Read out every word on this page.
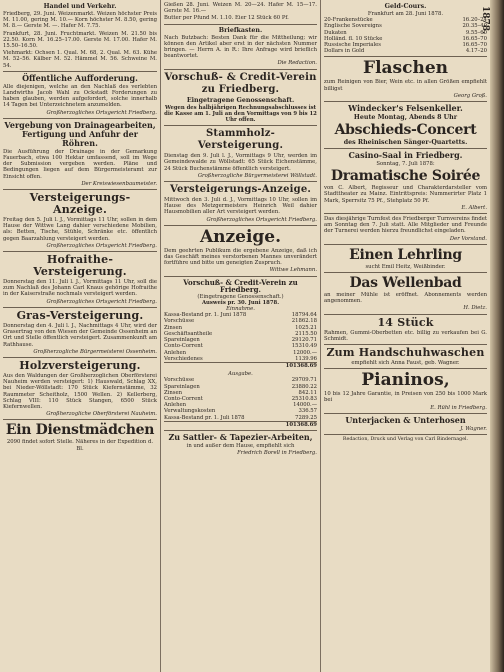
Handel und Verkehr.
Friedberg, 29. Juni. Weizenmarkt. Weizen höchster Preis M. 11.00, gering M. 10.— Korn höchster M. 8.50, gering M. 8.— Gerste M. —. Hafer M. 7.75.
Frankfurt, 28. Juni. Fruchtmarkt. Weizen M. 21.50 bis 22.50. Korn M. 16.25–17.00. Gerste M. 17.00. Hafer M. 15.50–16.50.
Viehmarkt: Ochsen 1. Qual. M. 68, 2. Qual. M. 63. Kühe M. 52–56. Kälber M. 52. Hämmel M. 56. Schweine M. 54.
Öffentliche Aufforderung.
Alle diejenigen, welche an den Nachlaß des verlebten Landwirths Jacob Wahl zu Ockstadt Forderungen zu haben glauben, werden aufgefordert, solche innerhalb 14 Tagen bei Unterzeichnetem anzumelden.
Großherzogliches Ortsgericht Friedberg.
Vergebung von Drainagearbeiten, Fertigung und Anfuhr der Röhren.
Die Ausführung der Drainage in der Gemarkung Fauerbach, etwa 100 Hektar umfassend, soll im Wege der Submission vergeben werden. Pläne und Bedingungen liegen auf dem Bürgermeisteramt zur Einsicht offen.
Der Kreiswiesenbaumeister.
Versteigerungs-Anzeige.
Freitag den 5. Juli l. J., Vormittags 11 Uhr, sollen in dem Hause der Wittwe Lang dahier verschiedene Mobilien, als: Betten, Tische, Stühle, Schränke etc. öffentlich gegen Baarzahlung versteigert werden.
Großherzogliches Ortsgericht Friedberg.
Hofraithe-Versteigerung.
Donnerstag den 11. Juli l. J., Vormittags 11 Uhr, soll die zum Nachlaß des Johann Carl Knaus gehörige Hofraithe in der Kaiserstraße nochmals versteigert werden.
Großherzogliches Ortsgericht Friedberg.
Gras-Versteigerung.
Donnerstag den 4. Juli l. J., Nachmittags 4 Uhr, wird der Grasertrag von den Wiesen der Gemeinde Ossenheim an Ort und Stelle öffentlich versteigert. Zusammenkunft am Rathhause.
Großherzogliche Bürgermeisterei Ossenheim.
Holzversteigerung.
Aus den Waldungen der Großherzoglichen Oberförsterei Nauheim werden versteigert: 1) Hauswald, Schlag XX, bei Nieder-Wöllstadt: 170 Stück Kiefernstämme, 32 Raummeter Scheitholz, 1500 Wellen. 2) Kellerberg, Schlag VIII: 110 Stück Stangen, 6500 Stück Kiefernwellen.
Großherzogliche Oberförsterei Nauheim.
Ein Dienstmädchen
2090 findet sofort Stelle. Näheres in der Expedition d. Bl.
Gießen 28. Juni. Weizen M. 20—24. Hafer M. 15—17. Gerste M. 16.—
Butter per Pfund M. 1.10. Eier 12 Stück 60 Pf.
Briefkasten.
Nach Butzbach: Besten Dank für die Mittheilung; wir können den Artikel aber erst in der nächsten Nummer bringen. — Herrn A. in R.: Ihre Anfrage wird brieflich beantwortet.
Die Redaction.
Vorschuß- & Credit-Verein zu Friedberg.
Eingetragene Genossenschaft.
Wegen des halbjährigen Rechnungsabschlusses ist die Kasse am 1. Juli an den Vormittags von 9 bis 12 Uhr offen.
Stammholz-Versteigerung.
Dienstag den 9. Juli l. J., Vormittags 9 Uhr, werden im Gemeindewalde zu Wöllstadt: 65 Stück Eichenstämme, 24 Stück Buchenstämme öffentlich versteigert.
Großherzogliche Bürgermeisterei Wöllstadt.
Versteigerungs-Anzeige.
Mittwoch den 3. Juli d. J., Vormittags 10 Uhr, sollen im Hause des Metzgermeisters Heinrich Weil dahier Hausmobilien aller Art versteigert werden.
Großherzogliches Ortsgericht Friedberg.
Anzeige.
Dem geehrten Publikum die ergebene Anzeige, daß ich das Geschäft meines verstorbenen Mannes unverändert fortführe und bitte um geneigten Zuspruch.
Wittwe Lehmann.
Vorschuß- & Credit-Verein zu Friedberg.
(Eingetragene Genossenschaft.)
Ausweis pr. 30. Juni 1878.
Einnahme.
Kassa-Bestand pr. 1. Juni 1878	18794.64
Vorschüsse	21862.18
Zinsen	1025.21
Geschäftsantheile	2115.50
Spareinlagen	29120.71
Conto-Corrent	15310.49
Anlehen	12000.—
Verschiedenes	1139.96
101368.69
Ausgabe.
Vorschüsse	29709.71
Spareinlagen	23880.22
Zinsen	842.11
Conto-Corrent	25310.83
Anlehen	14000.—
Verwaltungskosten	336.57
Kassa-Bestand pr. 1. Juli 1878	7289.25
101368.69
Zu Sattler- & Tapezier-Arbeiten,
in und außer dem Hause, empfiehlt sich
Friedrich Borell in Friedberg.
Geld-Cours.
Frankfurt am 28. Juni 1878.
20-Frankenstücke	16.20–24
Englische Sovereigns	20.35–40
Dukaten	9.55–60
Holländ. fl. 10 Stücke	16.65–70
Russische Imperiales	16.65–70
Dollars in Gold	4.17–20
Flaschen
zum Reinigen von Bier, Wein etc. in allen Größen empfiehlt billigst
Georg Groß.
Windecker's Felsenkeller.
Heute Montag, Abends 8 Uhr
Abschieds-Concert
des Rheinischen Sänger-Quartetts.
Casino-Saal in Friedberg.
Sonntag, 7. Juli 1878:
Dramatische Soirée
von C. Albert, Regisseur und Charakterdarsteller vom Stadttheater zu Mainz. Eintrittspreis: Nummerirter Platz 1 Mark, Sperrsitz 75 Pf., Stehplatz 50 Pf.
E. Albert.
Das diesjährige Turnfest des Friedberger Turnvereins findet am Sonntag den 7. Juli statt. Alle Mitglieder und Freunde der Turnerei werden hierzu freundlichst eingeladen.
Der Vorstand.
Einen Lehrling
sucht Emil Heitz, Weißbinder.
Das Wellenbad
an meiner Mühle ist eröffnet. Abonnements werden angenommen.
H. Dietz.
14 Stück
Rahmen, Gummi-Oberbetten etc. billig zu verkaufen bei G. Schmidt.
Zum Handschuhwaschen
empfiehlt sich Anna Faust, geb. Wagner.
Pianinos,
10 bis 12 Jahre Garantie, in Preisen von 250 bis 1000 Mark bei
E. Rühl in Friedberg.
Unterjacken & Unterhosen
J. Wagner.
Redaction, Druck und Verlag von Carl Bindernagel.
1878.
